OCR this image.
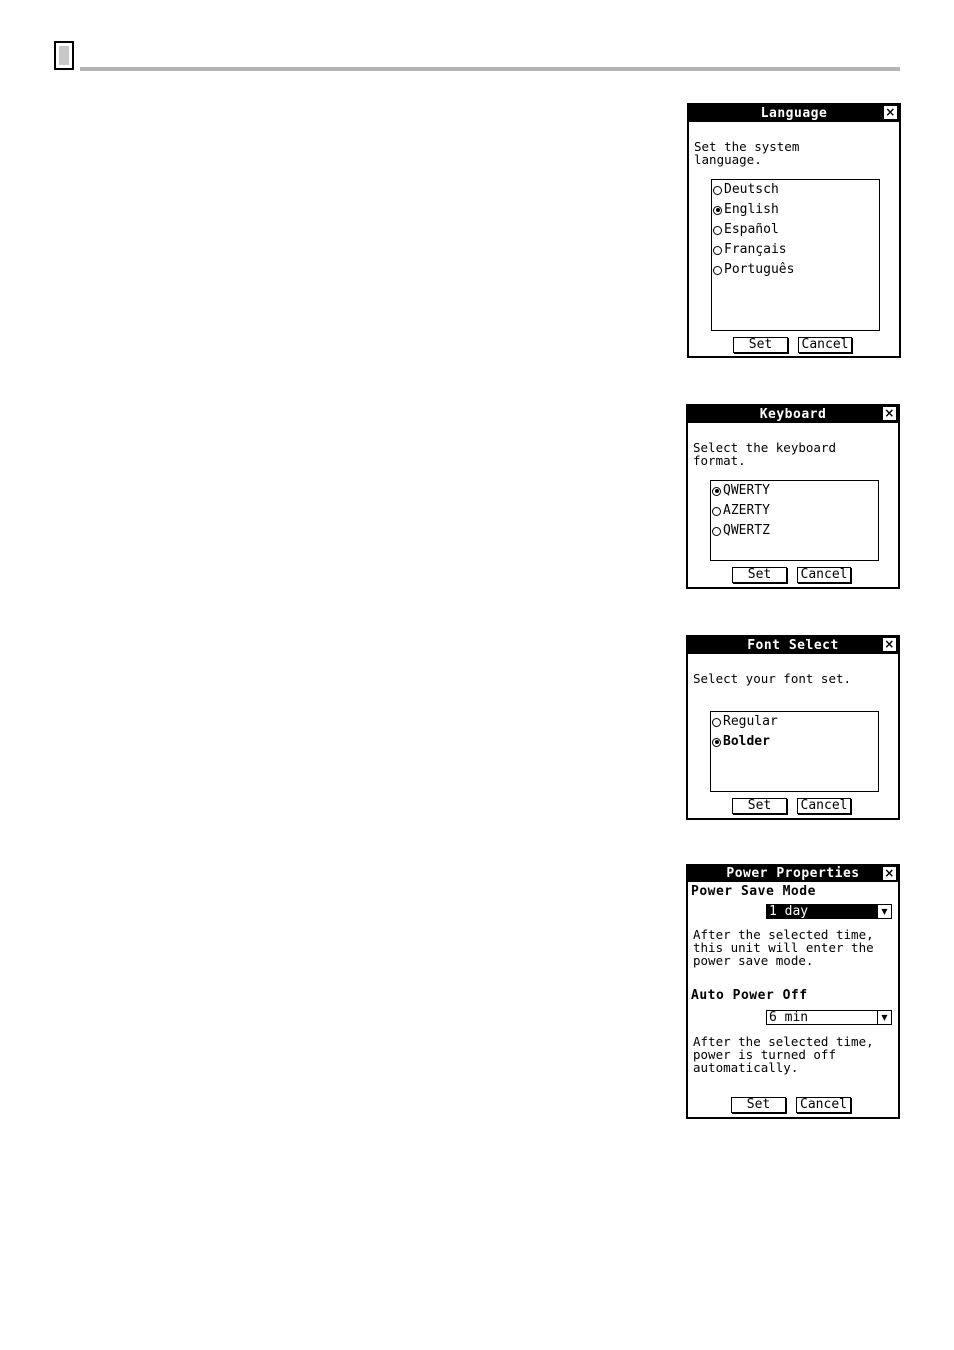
Language	×
Set the system
language.
Deutsch
English
Español
Français
Português
Set	Cancel
Keyboard	×
Select the keyboard
format.
QWERTY
AZERTY
QWERTZ
Set	Cancel
Font Select	×
Select your font set.
Regular
Bolder
Set	Cancel
Power Properties ×
Power Save Mode
1 day	▼
After the selected time,
this unit will enter the
power save mode.
Auto Power Off
6 min	▼
After the selected time,
power is turned off
automatically.
Set	Cancel
